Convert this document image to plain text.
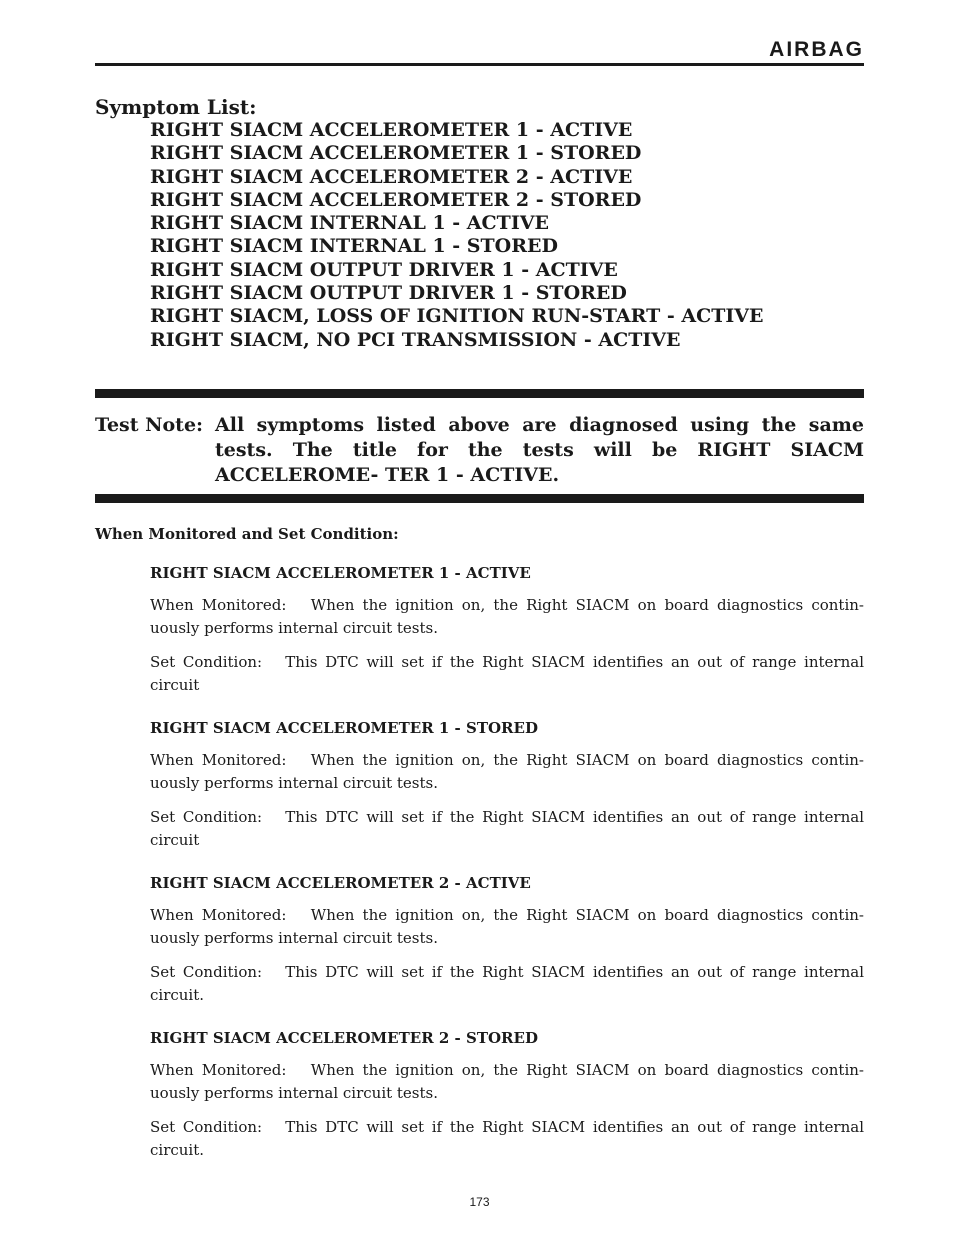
AIRBAG

Symptom List:

RIGHT SIACM ACCELEROMETER 1 - ACTIVE
RIGHT SIACM ACCELEROMETER 1 - STORED
RIGHT SIACM ACCELEROMETER 2 - ACTIVE
RIGHT SIACM ACCELEROMETER 2 - STORED
RIGHT SIACM INTERNAL 1 - ACTIVE
RIGHT SIACM INTERNAL 1 - STORED
RIGHT SIACM OUTPUT DRIVER 1 - ACTIVE
RIGHT SIACM OUTPUT DRIVER 1 - STORED
RIGHT SIACM, LOSS OF IGNITION RUN-START - ACTIVE
RIGHT SIACM, NO PCI TRANSMISSION - ACTIVE
Test Note: All symptoms listed above are diagnosed using the same tests. The title for the tests will be RIGHT SIACM ACCELEROME- TER 1 - ACTIVE.

When Monitored and Set Condition:

RIGHT SIACM ACCELEROMETER 1 - ACTIVE

When Monitored:   When the ignition on, the Right SIACM on board diagnostics contin- uously performs internal circuit tests.

Set Condition:   This DTC will set if the Right SIACM identifies an out of range internal circuit

RIGHT SIACM ACCELEROMETER 1 - STORED

When Monitored:   When the ignition on, the Right SIACM on board diagnostics contin- uously performs internal circuit tests.

Set Condition:   This DTC will set if the Right SIACM identifies an out of range internal circuit

RIGHT SIACM ACCELEROMETER 2 - ACTIVE

When Monitored:   When the ignition on, the Right SIACM on board diagnostics contin- uously performs internal circuit tests.

Set Condition:   This DTC will set if the Right SIACM identifies an out of range internal circuit.

RIGHT SIACM ACCELEROMETER 2 - STORED

When Monitored:   When the ignition on, the Right SIACM on board diagnostics contin- uously performs internal circuit tests.

Set Condition:   This DTC will set if the Right SIACM identifies an out of range internal circuit.

173
